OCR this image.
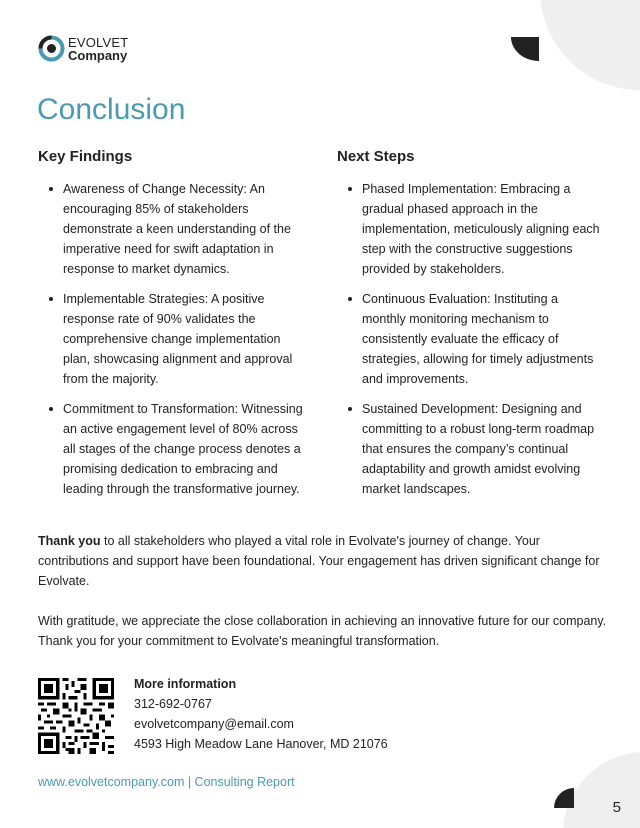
EVOLVET
Company
Conclusion
Key Findings
Awareness of Change Necessity: An encouraging 85% of stakeholders demonstrate a keen understanding of the imperative need for swift adaptation in response to market dynamics.
Implementable Strategies: A positive response rate of 90% validates the comprehensive change implementation plan, showcasing alignment and approval from the majority.
Commitment to Transformation: Witnessing an active engagement level of 80% across all stages of the change process denotes a promising dedication to embracing and leading through the transformative journey.
Next Steps
Phased Implementation: Embracing a gradual phased approach in the implementation, meticulously aligning each step with the constructive suggestions provided by stakeholders.
Continuous Evaluation: Instituting a monthly monitoring mechanism to consistently evaluate the efficacy of strategies, allowing for timely adjustments and improvements.
Sustained Development: Designing and committing to a robust long-term roadmap that ensures the company’s continual adaptability and growth amidst evolving market landscapes.

Thank you to all stakeholders who played a vital role in Evolvate's journey of change. Your contributions and support have been foundational. Your engagement has driven significant change for Evolvate.

With gratitude, we appreciate the close collaboration in achieving an innovative future for our company. Thank you for your commitment to Evolvate's meaningful transformation.

More information
312-692-0767
evolvetcompany@email.com
4593 High Meadow Lane Hanover, MD 21076
www.evolvetcompany.com | Consulting Report
5
